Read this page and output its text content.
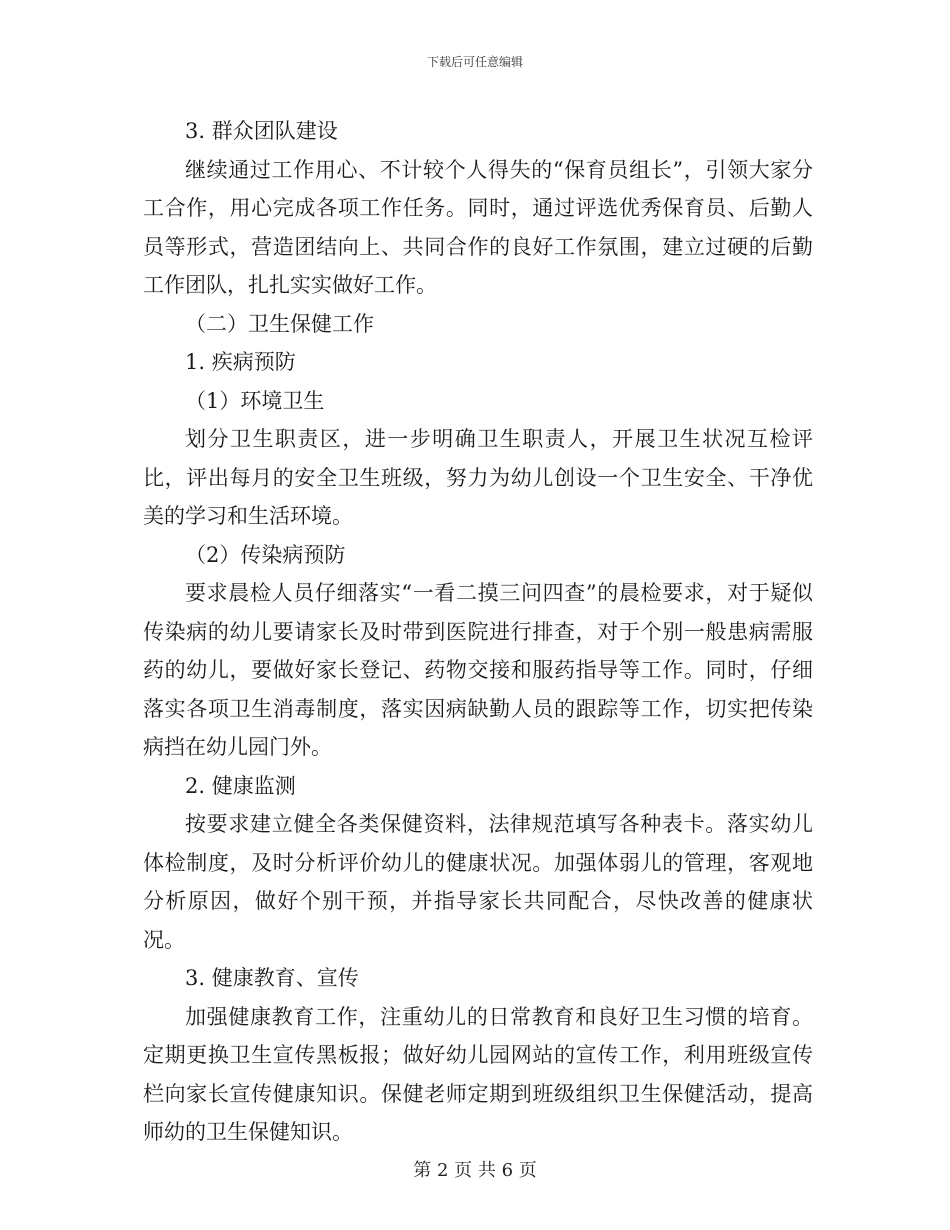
下载后可任意编辑

3. 群众团队建设

继续通过工作用心、不计较个人得失的“保育员组长”，引领大家分工合作，用心完成各项工作任务。同时，通过评选优秀保育员、后勤人员等形式，营造团结向上、共同合作的良好工作氛围，建立过硬的后勤工作团队，扎扎实实做好工作。

（二）卫生保健工作

1. 疾病预防

（1）环境卫生

划分卫生职责区，进一步明确卫生职责人，开展卫生状况互检评比，评出每月的安全卫生班级，努力为幼儿创设一个卫生安全、干净优美的学习和生活环境。

（2）传染病预防

要求晨检人员仔细落实“一看二摸三问四查”的晨检要求，对于疑似传染病的幼儿要请家长及时带到医院进行排查，对于个别一般患病需服药的幼儿，要做好家长登记、药物交接和服药指导等工作。同时，仔细落实各项卫生消毒制度，落实因病缺勤人员的跟踪等工作，切实把传染病挡在幼儿园门外。

2. 健康监测

按要求建立健全各类保健资料，法律规范填写各种表卡。落实幼儿体检制度，及时分析评价幼儿的健康状况。加强体弱儿的管理，客观地分析原因，做好个别干预，并指导家长共同配合，尽快改善的健康状况。

3. 健康教育、宣传

加强健康教育工作，注重幼儿的日常教育和良好卫生习惯的培育。定期更换卫生宣传黑板报；做好幼儿园网站的宣传工作，利用班级宣传栏向家长宣传健康知识。保健老师定期到班级组织卫生保健活动，提高师幼的卫生保健知识。

第 2 页 共 6 页
